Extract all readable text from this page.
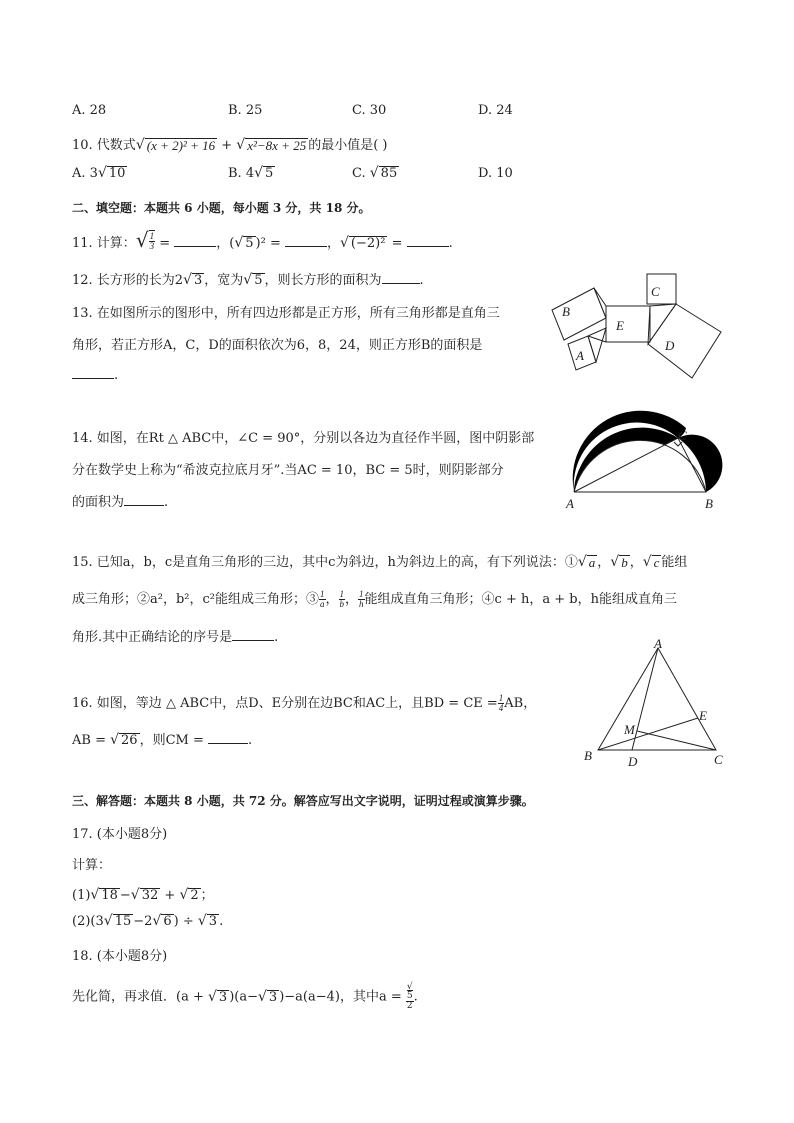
A. 28	B. 25	C. 30	D. 24
10. 代数式 √ (x + 2)² + 16 + √ x²−8x + 25 的最小值是( )
A. 3 √ 10	B. 4 √ 5	C. √ 85	D. 10
二、填空题：本题共 6 小题，每小题 3 分，共 18 分。
11. 计算： √ $\frac{1}{3}$ =	，( √ 5 )² =	， √ (−2)² =	.
12. 长方形的长为2 √ 3 ，宽为 √ 5 ，则长方形的面积为	.
13. 在如图所示的图形中，所有四边形都是正方形，所有三角形都是直角三
角形，若正方形A，C，D的面积依次为6，8，24，则正方形B的面积是
.
B
C
E
D
A
14. 如图，在Rt △ ABC中，∠C = 90°，分别以各边为直径作半圆，图中阴影部
分在数学史上称为“希波克拉底月牙”.当AC = 10，BC = 5时，则阴影部分
的面积为	.	A	B
C
15. 已知a，b，c是直角三角形的三边，其中c为斜边，h为斜边上的高，有下列说法：① √ a ， √ b ， √ c 能组
成三角形；②a²，b²，c²能组成三角形；③ $\frac{1}{a}$ ， $\frac{1}{b}$ ， $\frac{1}{h}$ 能组成直角三角形；④c + h，a + b，h能组成直角三
角形.其中正确结论的序号是	.
16. 如图，等边 △ ABC中，点D、E分别在边BC和AC上，且BD = CE = $\frac{1}{4}$ AB，
AB = √ 26 ，则CM =	.
A
B	C
D
E
M
三、解答题：本题共 8 小题，共 72 分。解答应写出文字说明，证明过程或演算步骤。
17. (本小题8分)
计算：
(1) √ 18 − √ 32 + √ 2 ；
(2)(3 √ 15 −2 √ 6 ) ÷ √ 3 .
18. (本小题8分)
先化简，再求值．(a + √ 3 )(a− √ 3 )−a(a−4)，其中a = √
5
2 .
